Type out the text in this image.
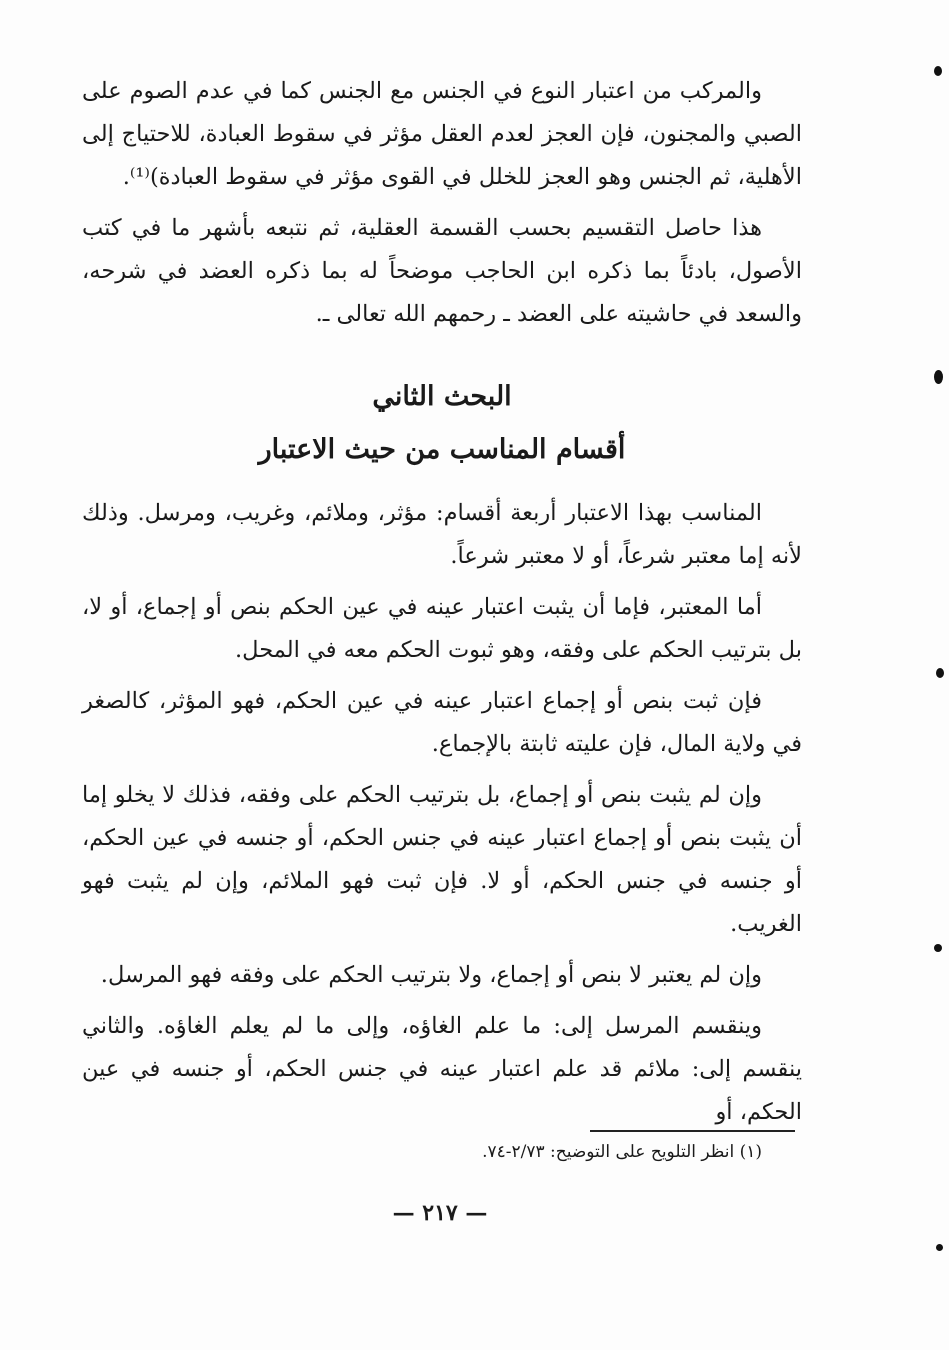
والمركب من اعتبار النوع في الجنس مع الجنس كما في عدم الصوم على الصبي والمجنون، فإن العجز لعدم العقل مؤثر في سقوط العبادة، للاحتياج إلى الأهلية، ثم الجنس وهو العجز للخلل في القوى مؤثر في سقوط العبادة)⁽¹⁾.

هذا حاصل التقسيم بحسب القسمة العقلية، ثم نتبعه بأشهر ما في كتب الأصول، بادئاً بما ذكره ابن الحاجب موضحاً له بما ذكره العضد في شرحه، والسعد في حاشيته على العضد ـ رحمهم الله تعالى ـ.

البحث الثاني
أقسام المناسب من حيث الاعتبار

المناسب بهذا الاعتبار أربعة أقسام: مؤثر، وملائم، وغريب، ومرسل. وذلك لأنه إما معتبر شرعاً، أو لا معتبر شرعاً.

أما المعتبر، فإما أن يثبت اعتبار عينه في عين الحكم بنص أو إجماع، أو لا، بل بترتيب الحكم على وفقه، وهو ثبوت الحكم معه في المحل.

فإن ثبت بنص أو إجماع اعتبار عينه في عين الحكم، فهو المؤثر، كالصغر في ولاية المال، فإن عليته ثابتة بالإجماع.

وإن لم يثبت بنص أو إجماع، بل بترتيب الحكم على وفقه، فذلك لا يخلو إما أن يثبت بنص أو إجماع اعتبار عينه في جنس الحكم، أو جنسه في عين الحكم، أو جنسه في جنس الحكم، أو لا. فإن ثبت فهو الملائم، وإن لم يثبت فهو الغريب.

وإن لم يعتبر لا بنص أو إجماع، ولا بترتيب الحكم على وفقه فهو المرسل.

وينقسم المرسل إلى: ما علم الغاؤه، وإلى ما لم يعلم الغاؤه. والثاني ينقسم إلى: ملائم قد علم اعتبار عينه في جنس الحكم، أو جنسه في عين الحكم، أو

(١) انظر التلويح على التوضيح: ٢/٧٣-٧٤.
— ٢١٧ —
